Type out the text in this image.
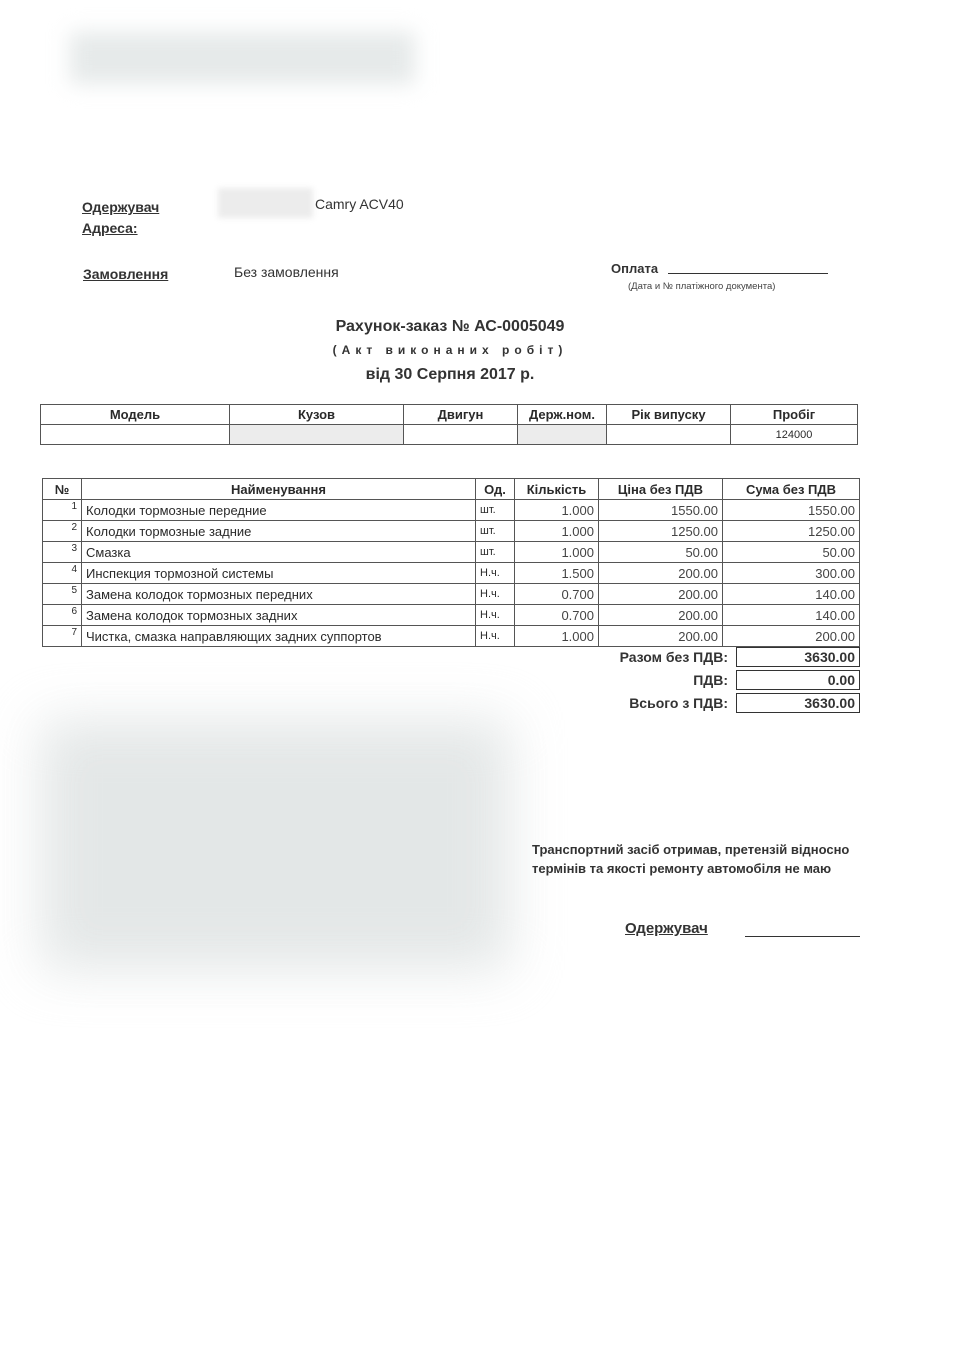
Одержувач	Camry ACV40
Адреса:
Замовлення	Без замовлення	Оплата
(Дата и № платіжного документа)
Рахунок-заказ № АС-0005049
(Акт виконаних робіт)
від 30 Серпня 2017 р.
Модель	Кузов	Двигун	Держ.ном.	Рік випуску	Пробіг
					124000
№	Найменування	Од.	Кількість	Ціна без ПДВ	Сума без ПДВ
1	Колодки тормозные передние	шт.	1.000	1550.00	1550.00
2	Колодки тормозные задние	шт.	1.000	1250.00	1250.00
3	Смазка	шт.	1.000	50.00	50.00
4	Инспекция тормозной системы	Н.ч.	1.500	200.00	300.00
5	Замена колодок тормозных передних	Н.ч.	0.700	200.00	140.00
6	Замена колодок тормозных задних	Н.ч.	0.700	200.00	140.00
7	Чистка, смазка направляющих задних суппортов	Н.ч.	1.000	200.00	200.00
Разом без ПДВ:	3630.00
ПДВ:	0.00
Всього з ПДВ:	3630.00
Транспортний засіб отримав, претензій відносно термінів та якості ремонту автомобіля не маю
Одержувач
